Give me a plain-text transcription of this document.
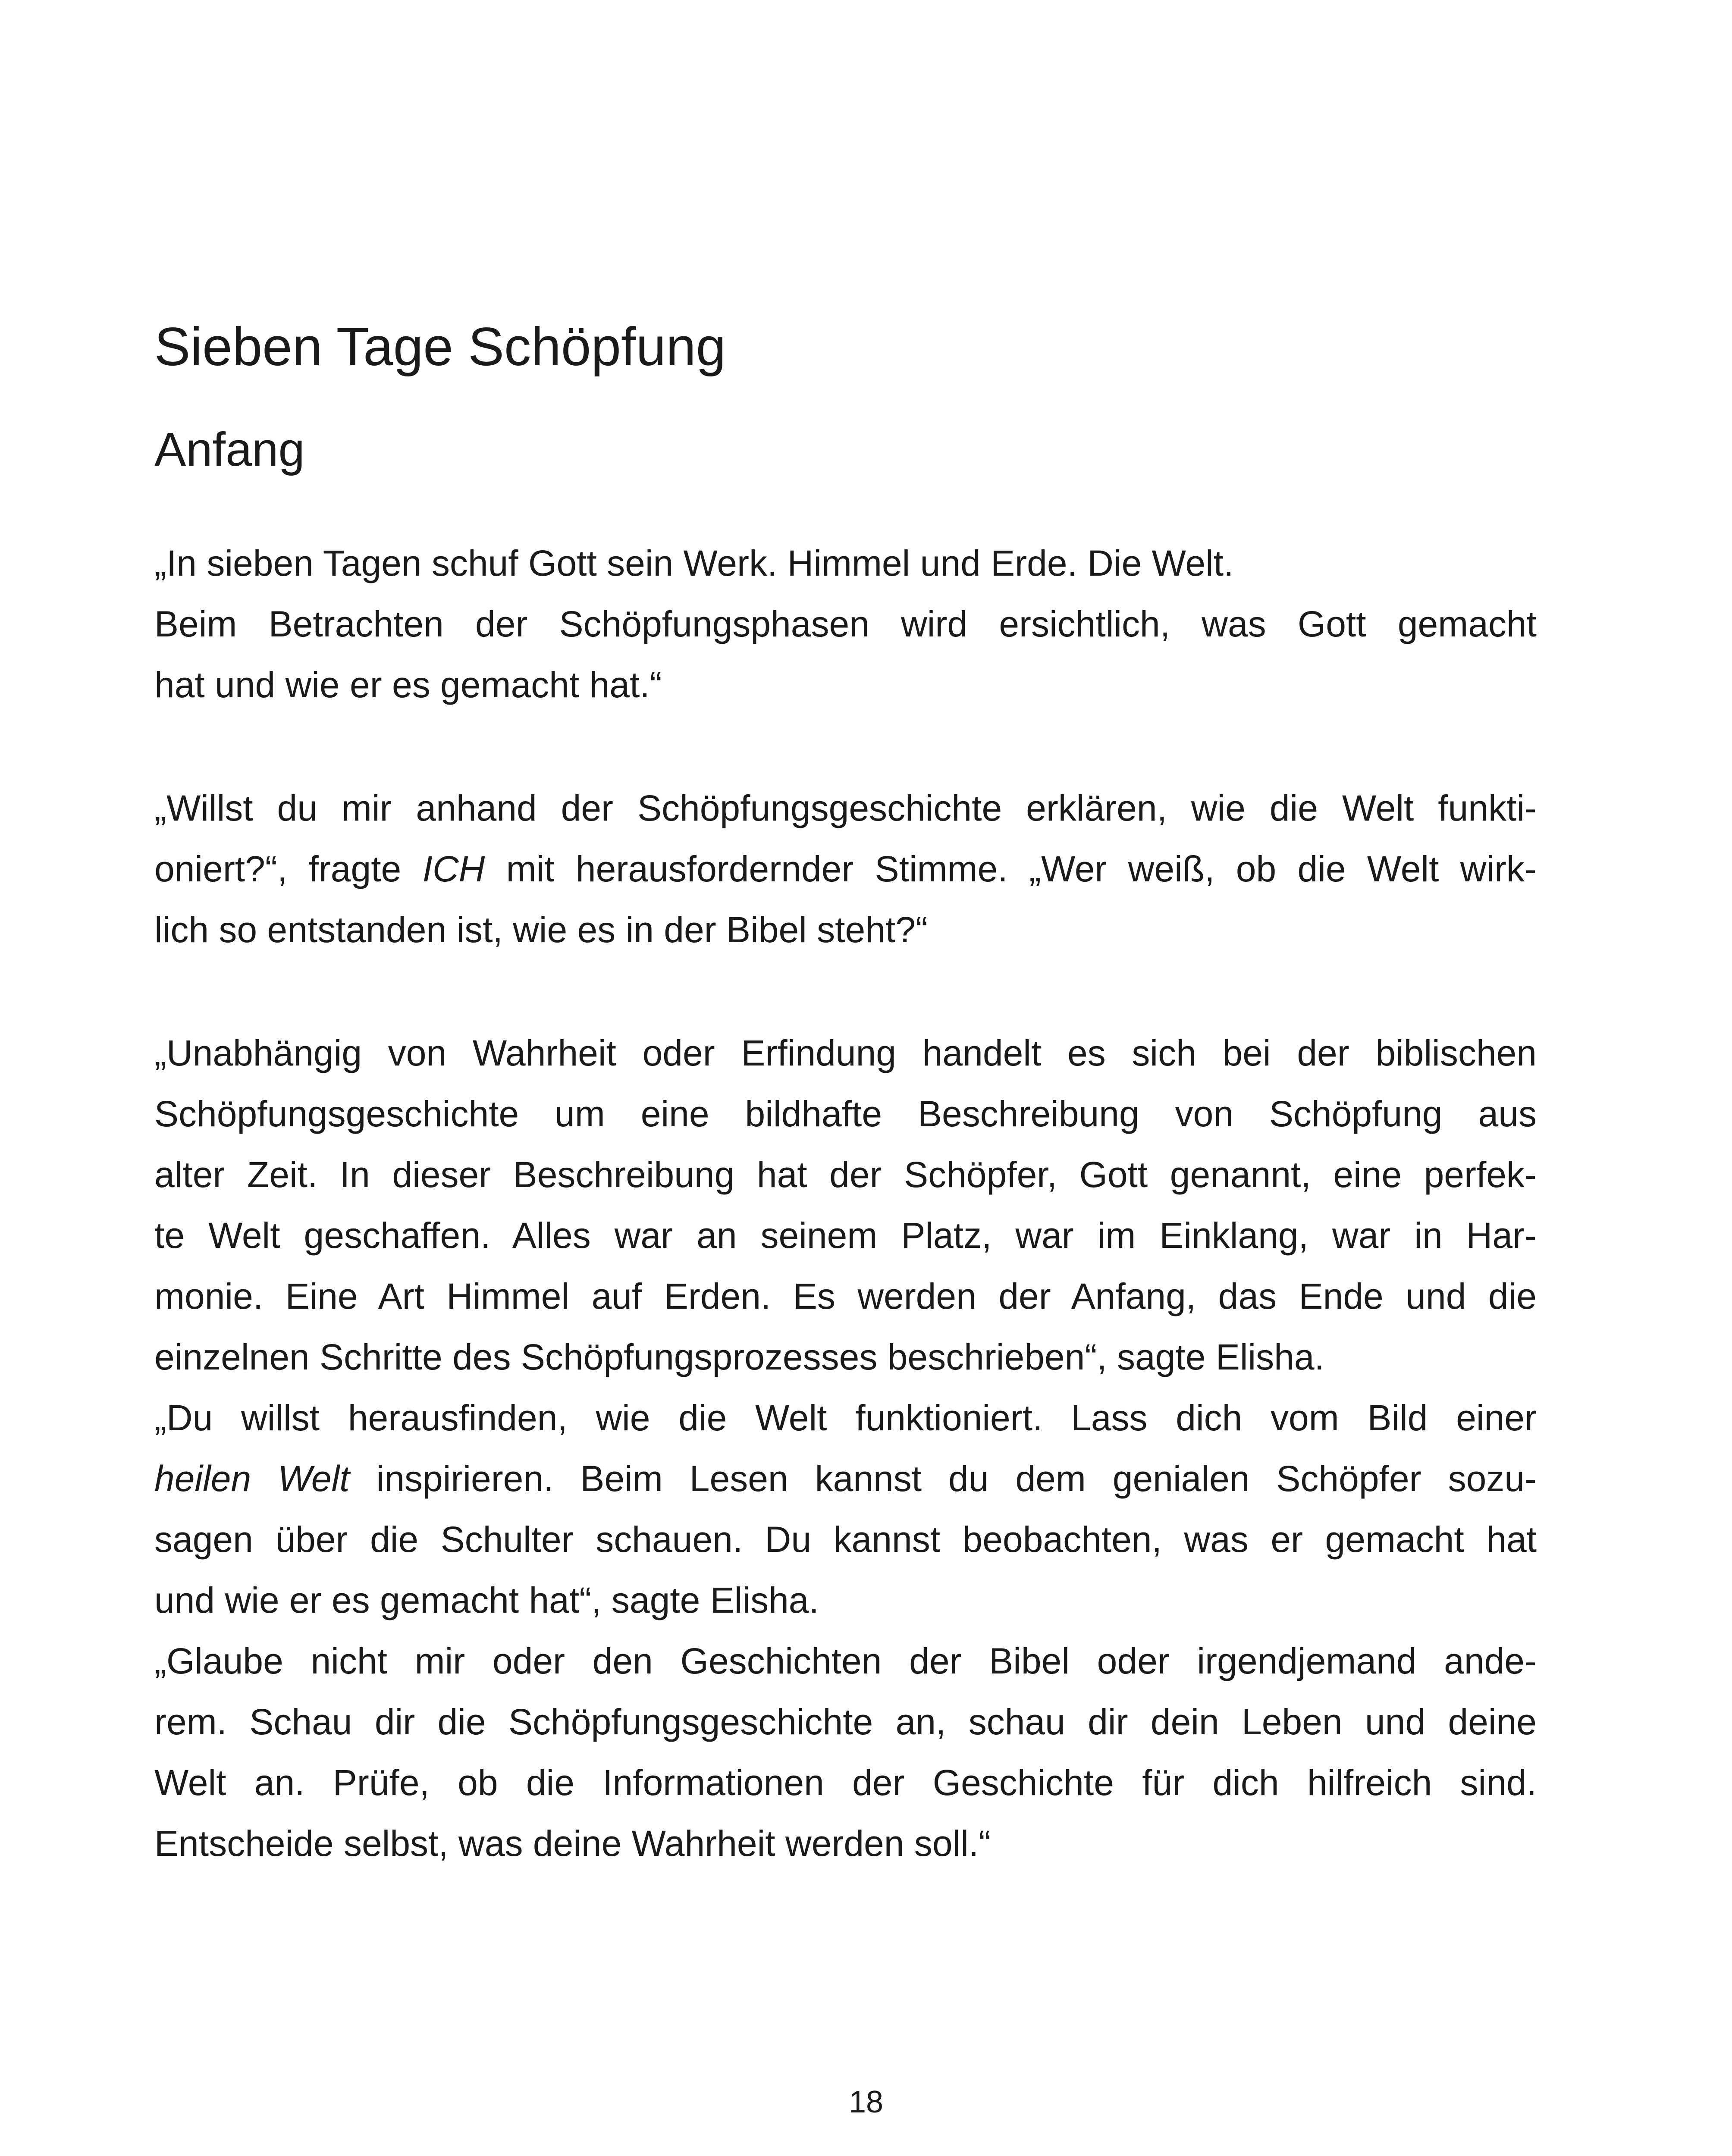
Sieben Tage Schöpfung
Anfang
„In sieben Tagen schuf Gott sein Werk. Himmel und Erde. Die Welt.
Beim Betrachten der Schöpfungsphasen wird ersichtlich, was Gott gemacht
hat und wie er es gemacht hat.“
„Willst du mir anhand der Schöpfungsgeschichte erklären, wie die Welt funkti-
oniert?“, fragte ICH mit herausfordernder Stimme. „Wer weiß, ob die Welt wirk-
lich so entstanden ist, wie es in der Bibel steht?“
„Unabhängig von Wahrheit oder Erfindung handelt es sich bei der biblischen
Schöpfungsgeschichte um eine bildhafte Beschreibung von Schöpfung aus
alter Zeit. In dieser Beschreibung hat der Schöpfer, Gott genannt, eine perfek-
te Welt geschaffen. Alles war an seinem Platz, war im Einklang, war in Har-
monie. Eine Art Himmel auf Erden. Es werden der Anfang, das Ende und die
einzelnen Schritte des Schöpfungsprozesses beschrieben“, sagte Elisha.
„Du willst herausfinden, wie die Welt funktioniert. Lass dich vom Bild einer
heilen Welt inspirieren. Beim Lesen kannst du dem genialen Schöpfer sozu-
sagen über die Schulter schauen. Du kannst beobachten, was er gemacht hat
und wie er es gemacht hat“, sagte Elisha.
„Glaube nicht mir oder den Geschichten der Bibel oder irgendjemand ande-
rem. Schau dir die Schöpfungsgeschichte an, schau dir dein Leben und deine
Welt an. Prüfe, ob die Informationen der Geschichte für dich hilfreich sind.
Entscheide selbst, was deine Wahrheit werden soll.“
18
